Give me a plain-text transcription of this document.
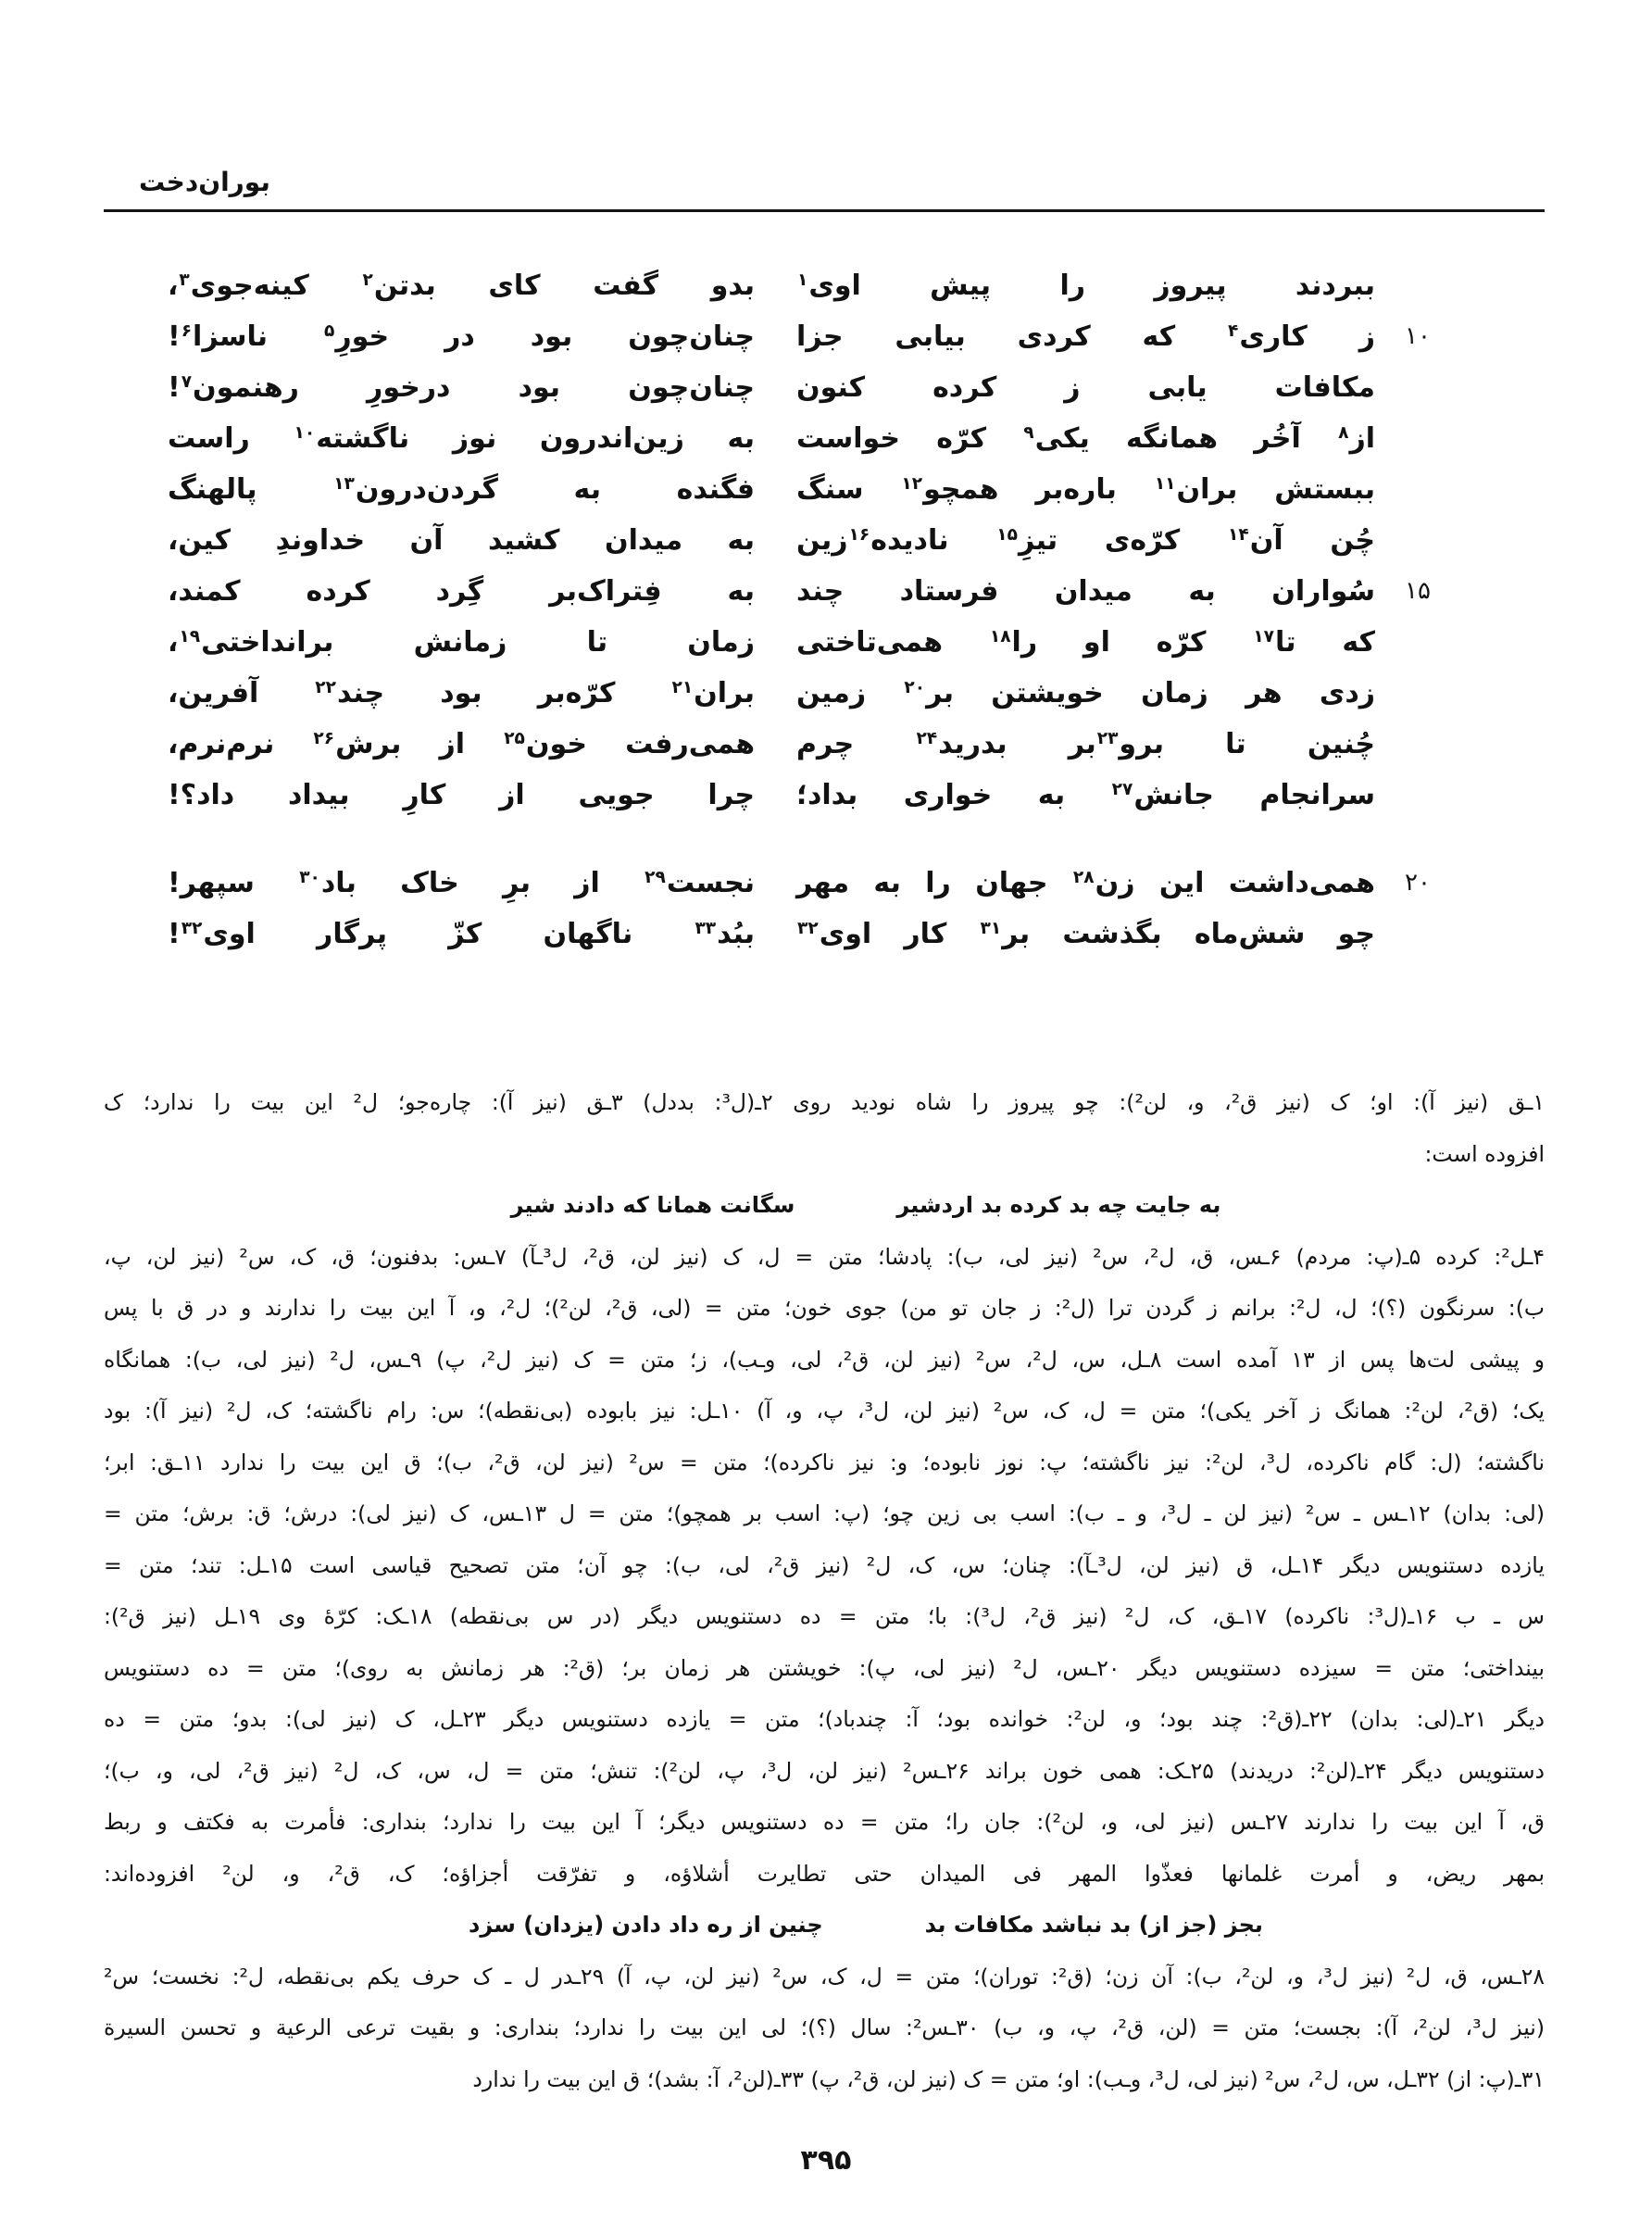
بوران‌دخت
ببردند پیروز را پیش اوی$^۱$
بدو گفت کای بدتن$^۲$ کینه‌جوی$^۳$،
۱۰
ز کاری$^۴$ که کردی بیابی جزا
چنان‌چون بود در خورِ$^۵$ ناسزا$^۶$!
مکافات یابی ز کرده کنون
چنان‌چون بود درخورِ رهنمون$^۷$!
از$^۸$ آخُر همانگه یکی$^۹$ کرّه خواست
به زین‌اندرون نوز ناگشته$^{۱۰}$ راست
ببستش بران$^{۱۱}$ باره‌بر همچو$^{۱۲}$ سنگ
فگنده به گردن‌درون$^{۱۳}$ پالهنگ
چُن آن$^{۱۴}$ کرّه‌ی تیزِ$^{۱۵}$ نادیده$^{۱۶}$زین
به میدان کشید آن خداوندِ کین،
۱۵
سُواران به میدان فرستاد چند
به فِتراک‌بر گِرد کرده کمند،
که تا$^{۱۷}$ کرّه او را$^{۱۸}$ همی‌تاختی
زمان تا زمانش برانداختی$^{۱۹}$،
زدی هر زمان خویشتن بر$^{۲۰}$ زمین
بران$^{۲۱}$ کرّه‌بر بود چند$^{۲۲}$ آفرین،
چُنین تا برو$^{۲۳}$بر بدرید$^{۲۴}$ چرم
همی‌رفت خون$^{۲۵}$ از برش$^{۲۶}$ نرم‌نرم،
سرانجام جانش$^{۲۷}$ به خواری بداد؛
چرا جویی از کارِ بیداد داد؟!
۲۰
همی‌داشت این زن$^{۲۸}$ جهان را به مهر
نجست$^{۲۹}$ از برِ خاک باد$^{۳۰}$ سپهر!
چو شش‌ماه بگذشت بر$^{۳۱}$ کار اوی$^{۳۲}$
ببُد$^{۳۳}$ ناگهان کزّ پرگار اوی$^{۳۲}$!
۱ـق (نیز آ): او؛ ک (نیز ق²، و، لن²): چو پیروز را شاه نودید روی ۲ـ(ل³: بددل) ۳ـق (نیز آ): چاره‌جو؛ ل² این بیت را ندارد؛ ک
افزوده است:
به جایت چه بد کرده بد اردشیرسگانت همانا که دادند شیر
۴ـل²: کرده ۵ـ(پ: مردم) ۶ـس، ق، ل²، س² (نیز لی، ب): پادشا؛ متن = ل، ک (نیز لن، ق²، ل³ـآ) ۷ـس: بدفنون؛ ق، ک، س² (نیز لن، پ،
ب): سرنگون (؟)؛ ل، ل²: برانم ز گردن ترا (ل²: ز جان تو من) جوی خون؛ متن = (لی، ق²، لن²)؛ ل²، و، آ این بیت را ندارند و در ق با پس
و پیشی لت‌ها پس از ۱۳ آمده است ۸ـل، س، ل²، س² (نیز لن، ق²، لی، وـب)، ز؛ متن = ک (نیز ل²، پ) ۹ـس، ل² (نیز لی، ب): همانگاه
یک؛ (ق²، لن²: همانگ ز آخر یکی)؛ متن = ل، ک، س² (نیز لن، ل³، پ، و، آ) ۱۰ـل: نیز بابوده (بی‌نقطه)؛ س: رام ناگشته؛ ک، ل² (نیز آ): بود
ناگشته؛ (ل: گام ناکرده، ل³، لن²: نیز ناگشته؛ پ: نوز نابوده؛ و: نیز ناکرده)؛ متن = س² (نیز لن، ق²، ب)؛ ق این بیت را ندارد ۱۱ـق: ابر؛
(لی: بدان) ۱۲ـس ـ س² (نیز لن ـ ل³، و ـ ب): اسب بی زین چو؛ (پ: اسب بر همچو)؛ متن = ل ۱۳ـس، ک (نیز لی): درش؛ ق: برش؛ متن =
یازده دستنویس دیگر ۱۴ـل، ق (نیز لن، ل³ـآ): چنان؛ س، ک، ل² (نیز ق²، لی، ب): چو آن؛ متن تصحیح قیاسی است ۱۵ـل: تند؛ متن =
س ـ ب ۱۶ـ(ل³: ناکرده) ۱۷ـق، ک، ل² (نیز ق²، ل³): با؛ متن = ده دستنویس دیگر (در س بی‌نقطه) ۱۸ـک: کرّهٔ وی ۱۹ـل (نیز ق²):
بینداختی؛ متن = سیزده دستنویس دیگر ۲۰ـس، ل² (نیز لی، پ): خویشتن هر زمان بر؛ (ق²: هر زمانش به روی)؛ متن = ده دستنویس
دیگر ۲۱ـ(لی: بدان) ۲۲ـ(ق²: چند بود؛ و، لن²: خوانده بود؛ آ: چندباد)؛ متن = یازده دستنویس دیگر ۲۳ـل، ک (نیز لی): بدو؛ متن = ده
دستنویس دیگر ۲۴ـ(لن²: دریدند) ۲۵ـک: همی خون براند ۲۶ـس² (نیز لن، ل³، پ، لن²): تنش؛ متن = ل، س، ک، ل² (نیز ق²، لی، و، ب)؛
ق، آ این بیت را ندارند ۲۷ـس (نیز لی، و، لن²): جان را؛ متن = ده دستنویس دیگر؛ آ این بیت را ندارد؛ بنداری: فأمرت به فکتف و ربط
بمهر ریض، و أمرت غلمانها فعذّوا المهر فی المیدان حتی تطایرت أشلاؤه، و تفرّقت أجزاؤه؛ ک، ق²، و، لن² افزوده‌اند:
بجز (جز از) بد نباشد مکافات بدچنین از ره داد دادن (یزدان) سزد
۲۸ـس، ق، ل² (نیز ل³، و، لن²، ب): آن زن؛ (ق²: توران)؛ متن = ل، ک، س² (نیز لن، پ، آ) ۲۹ـدر ل ـ ک حرف یکم بی‌نقطه، ل²: نخست؛ س²
(نیز ل³، لن²، آ): بجست؛ متن = (لن، ق²، پ، و، ب) ۳۰ـس²: سال (؟)؛ لی این بیت را ندارد؛ بنداری: و بقیت ترعی الرعیة و تحسن السیرة
۳۱ـ(پ: از) ۳۲ـل، س، ل²، س² (نیز لی، ل³، وـب): او؛ متن = ک (نیز لن، ق²، پ) ۳۳ـ(لن²، آ: بشد)؛ ق این بیت را ندارد
۳۹۵
